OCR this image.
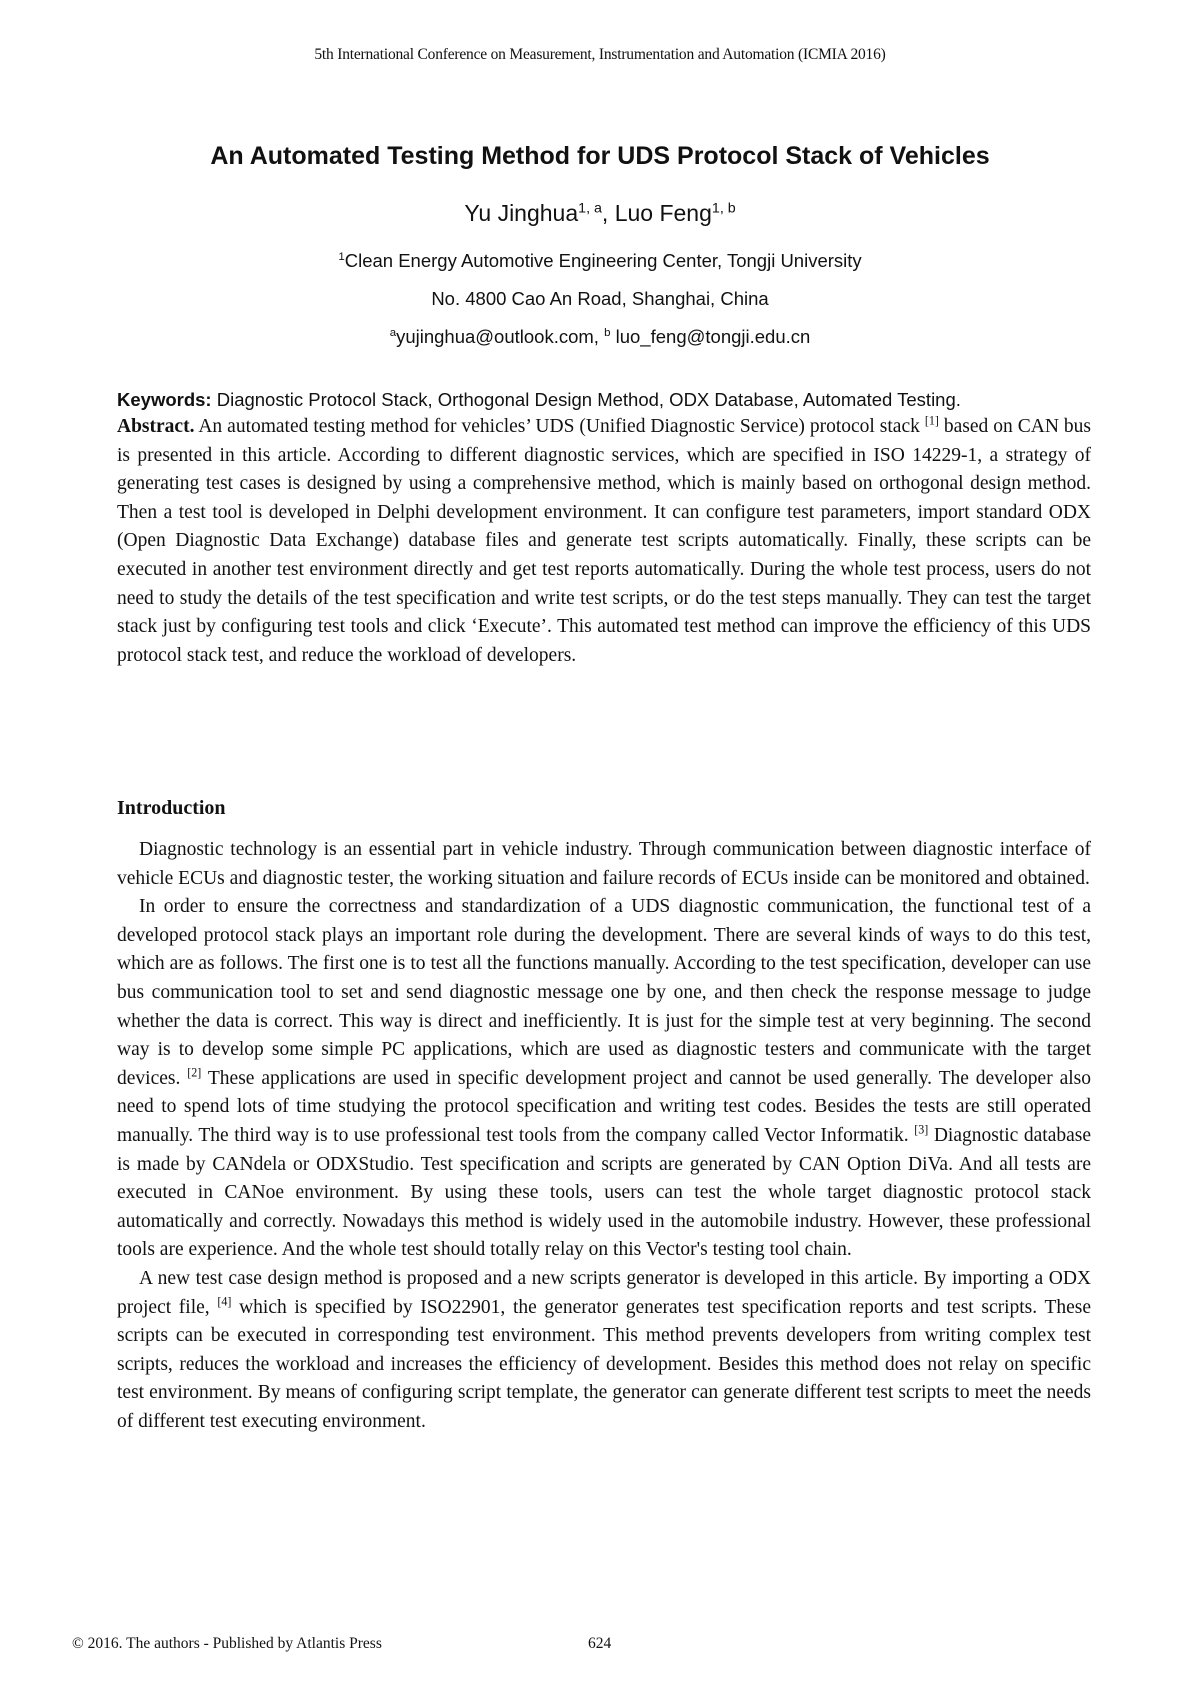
5th International Conference on Measurement, Instrumentation and Automation (ICMIA 2016)
An Automated Testing Method for UDS Protocol Stack of Vehicles
Yu Jinghua$^{1, a}$, Luo Feng$^{1, b}$
$^1$Clean Energy Automotive Engineering Center, Tongji University
No. 4800 Cao An Road, Shanghai, China
$^a$yujinghua@outlook.com, $^b$ luo_feng@tongji.edu.cn
Keywords: Diagnostic Protocol Stack, Orthogonal Design Method, ODX Database, Automated Testing.
Abstract. An automated testing method for vehicles’ UDS (Unified Diagnostic Service) protocol stack [1] based on CAN bus is presented in this article. According to different diagnostic services, which are specified in ISO 14229-1, a strategy of generating test cases is designed by using a comprehensive method, which is mainly based on orthogonal design method. Then a test tool is developed in Delphi development environment. It can configure test parameters, import standard ODX (Open Diagnostic Data Exchange) database files and generate test scripts automatically. Finally, these scripts can be executed in another test environment directly and get test reports automatically. During the whole test process, users do not need to study the details of the test specification and write test scripts, or do the test steps manually. They can test the target stack just by configuring test tools and click ‘Execute’. This automated test method can improve the efficiency of this UDS protocol stack test, and reduce the workload of developers.
Introduction

Diagnostic technology is an essential part in vehicle industry. Through communication between diagnostic interface of vehicle ECUs and diagnostic tester, the working situation and failure records of ECUs inside can be monitored and obtained.

In order to ensure the correctness and standardization of a UDS diagnostic communication, the functional test of a developed protocol stack plays an important role during the development. There are several kinds of ways to do this test, which are as follows. The first one is to test all the functions manually. According to the test specification, developer can use bus communication tool to set and send diagnostic message one by one, and then check the response message to judge whether the data is correct. This way is direct and inefficiently. It is just for the simple test at very beginning. The second way is to develop some simple PC applications, which are used as diagnostic testers and communicate with the target devices. [2] These applications are used in specific development project and cannot be used generally. The developer also need to spend lots of time studying the protocol specification and writing test codes. Besides the tests are still operated manually. The third way is to use professional test tools from the company called Vector Informatik. [3] Diagnostic database is made by CANdela or ODXStudio. Test specification and scripts are generated by CAN Option DiVa. And all tests are executed in CANoe environment. By using these tools, users can test the whole target diagnostic protocol stack automatically and correctly. Nowadays this method is widely used in the automobile industry. However, these professional tools are experience. And the whole test should totally relay on this Vector's testing tool chain.

A new test case design method is proposed and a new scripts generator is developed in this article. By importing a ODX project file, [4] which is specified by ISO22901, the generator generates test specification reports and test scripts. These scripts can be executed in corresponding test environment. This method prevents developers from writing complex test scripts, reduces the workload and increases the efficiency of development. Besides this method does not relay on specific test environment. By means of configuring script template, the generator can generate different test scripts to meet the needs of different test executing environment.

© 2016. The authors - Published by Atlantis Press	624
